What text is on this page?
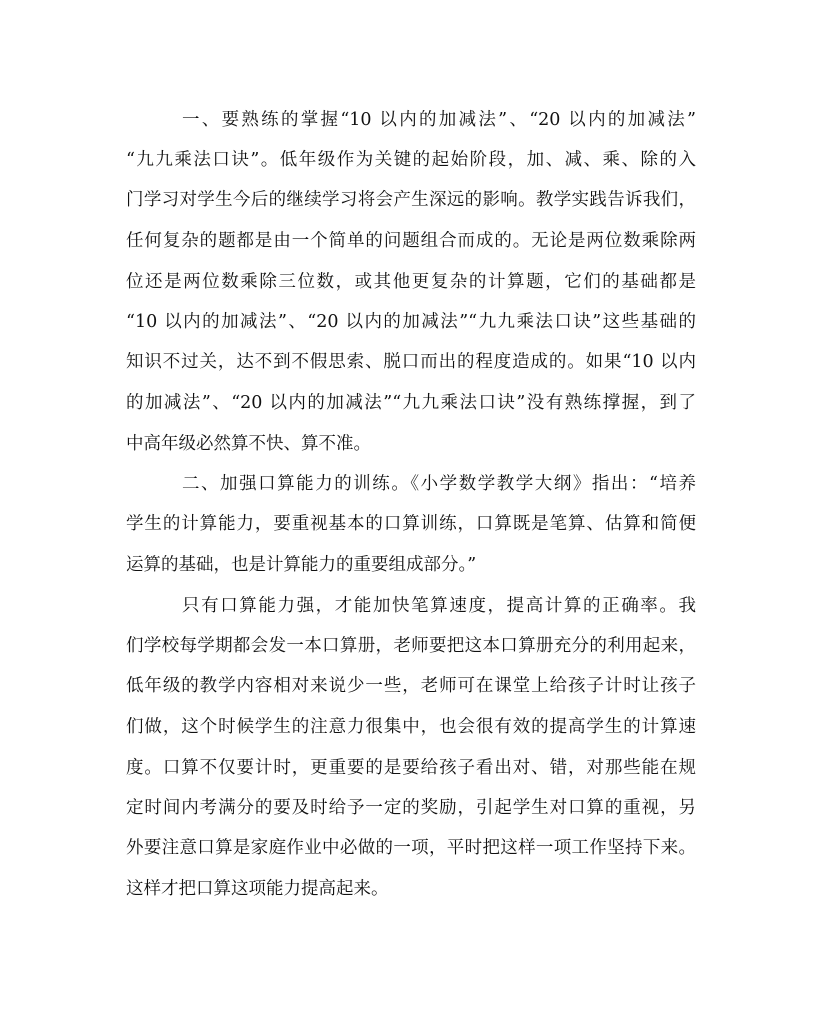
一、要熟练的掌握“10 以内的加减法”、“20 以内的加减法”
“九九乘法口诀”。低年级作为关键的起始阶段，加、减、乘、除的入
门学习对学生今后的继续学习将会产生深远的影响。教学实践告诉我们，
任何复杂的题都是由一个简单的问题组合而成的。无论是两位数乘除两
位还是两位数乘除三位数，或其他更复杂的计算题，它们的基础都是
“10 以内的加减法”、“20 以内的加减法”“九九乘法口诀”这些基础的
知识不过关，达不到不假思索、脱口而出的程度造成的。如果“10 以内
的加减法”、“20 以内的加减法”“九九乘法口诀”没有熟练撑握，到了
中高年级必然算不快、算不准。
二、加强口算能力的训练。《小学数学教学大纲》指出：“培养
学生的计算能力，要重视基本的口算训练，口算既是笔算、估算和简便
运算的基础，也是计算能力的重要组成部分。”
只有口算能力强，才能加快笔算速度，提高计算的正确率。我
们学校每学期都会发一本口算册，老师要把这本口算册充分的利用起来，
低年级的教学内容相对来说少一些，老师可在课堂上给孩子计时让孩子
们做，这个时候学生的注意力很集中，也会很有效的提高学生的计算速
度。口算不仅要计时，更重要的是要给孩子看出对、错，对那些能在规
定时间内考满分的要及时给予一定的奖励，引起学生对口算的重视，另
外要注意口算是家庭作业中必做的一项，平时把这样一项工作坚持下来。
这样才把口算这项能力提高起来。
